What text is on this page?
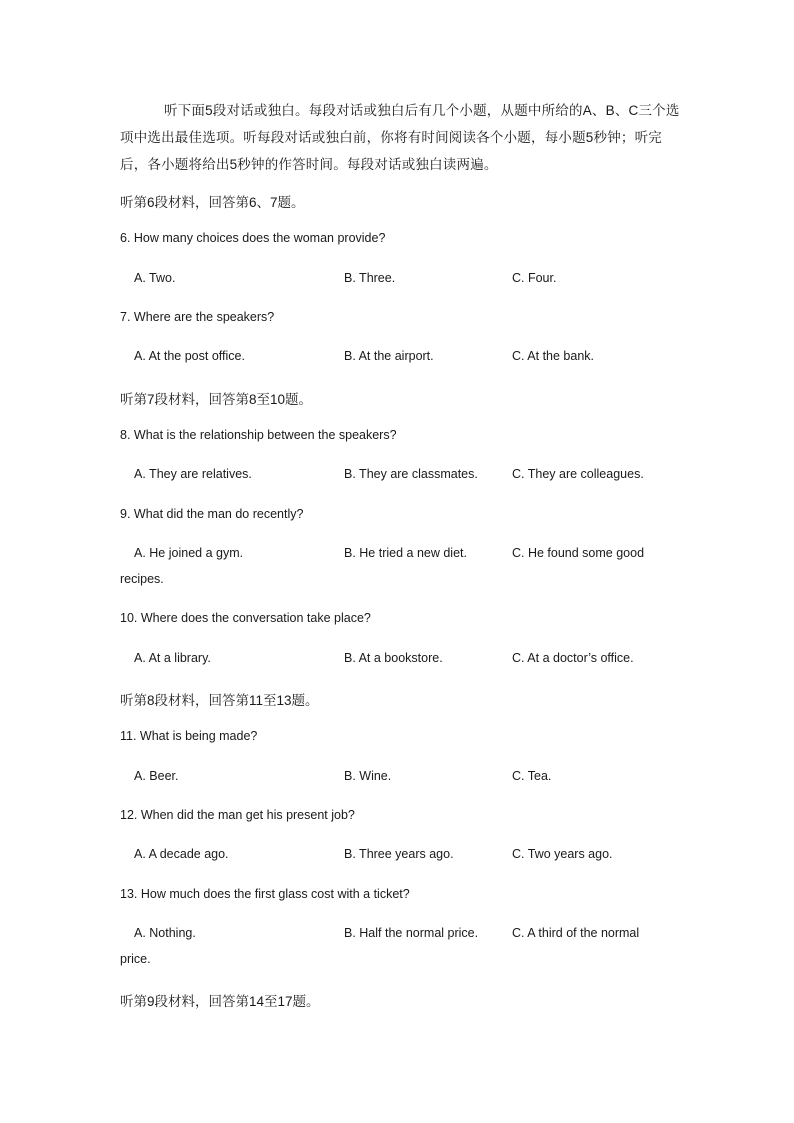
听下面5段对话或独白。每段对话或独白后有几个小题，从题中所给的A、B、C三个选项中选出最佳选项。听每段对话或独白前，你将有时间阅读各个小题，每小题5秒钟；听完后，各小题将给出5秒钟的作答时间。每段对话或独白读两遍。
听第6段材料，回答第6、7题。
6. How many choices does the woman provide?
A. Two.	B. Three.	C. Four.
7. Where are the speakers?
A. At the post office.	B. At the airport.	C. At the bank.
听第7段材料，回答第8至10题。
8. What is the relationship between the speakers?
A. They are relatives.	B. They are classmates.	C. They are colleagues.
9. What did the man do recently?
A. He joined a gym.	B. He tried a new diet.	C. He found some good
recipes.
10. Where does the conversation take place?
A. At a library.	B. At a bookstore.	C. At a doctor’s office.
听第8段材料，回答第11至13题。
11. What is being made?
A. Beer.	B. Wine.	C. Tea.
12. When did the man get his present job?
A. A decade ago.	B. Three years ago.	C. Two years ago.
13. How much does the first glass cost with a ticket?
A. Nothing.	B. Half the normal price.	C. A third of the normal
price.
听第9段材料，回答第14至17题。
